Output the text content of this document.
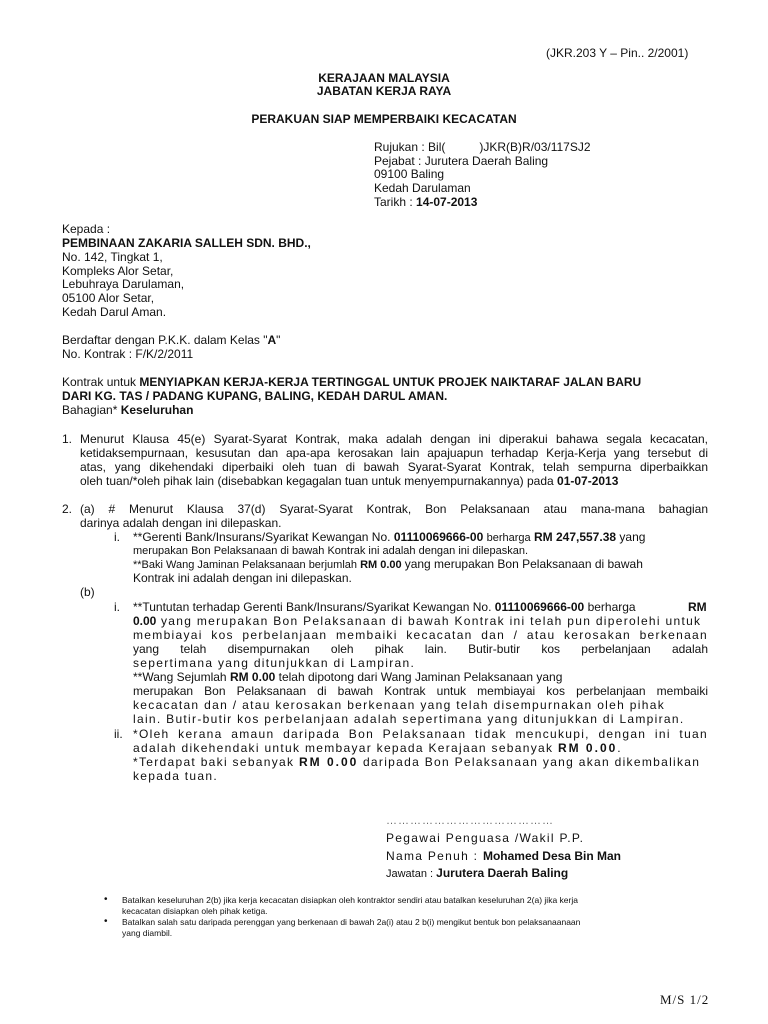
(JKR.203 Y – Pin.. 2/2001)
KERAJAAN MALAYSIA
JABATAN KERJA RAYA
PERAKUAN SIAP MEMPERBAIKI KECACATAN
Rujukan : Bil(	)JKR(B)R/03/117SJ2
Pejabat : Jurutera Daerah Baling
09100 Baling
Kedah Darulaman
Tarikh : 14-07-2013
Kepada :
PEMBINAAN ZAKARIA SALLEH SDN. BHD.,
No. 142, Tingkat 1,
Kompleks Alor Setar,
Lebuhraya Darulaman,
05100 Alor Setar,
Kedah Darul Aman.
Berdaftar dengan P.K.K. dalam Kelas "A"
No. Kontrak : F/K/2/2011
Kontrak untuk MENYIAPKAN KERJA-KERJA TERTINGGAL UNTUK PROJEK NAIKTARAF JALAN BARU
DARI KG. TAS / PADANG KUPANG, BALING, KEDAH DARUL AMAN.
Bahagian* Keseluruhan
1. Menurut Klausa 45(e) Syarat-Syarat Kontrak, maka adalah dengan ini diperakui bahawa segala kecacatan,
ketidaksempurnaan, kesusutan dan apa-apa kerosakan lain apajuapun terhadap Kerja-Kerja yang tersebut di
atas, yang dikehendaki diperbaiki oleh tuan di bawah Syarat-Syarat Kontrak, telah sempurna diperbaikkan
oleh tuan/*oleh pihak lain (disebabkan kegagalan tuan untuk menyempurnakannya) pada 01-07-2013
2. (a) # Menurut Klausa 37(d) Syarat-Syarat Kontrak, Bon Pelaksanaan atau mana-mana bahagian
darinya adalah dengan ini dilepaskan.
i. **Gerenti Bank/Insurans/Syarikat Kewangan No. 01110069666-00 berharga RM 247,557.38 yang
merupakan Bon Pelaksanaan di bawah Kontrak ini adalah dengan ini dilepaskan.
**Baki Wang Jaminan Pelaksanaan berjumlah RM 0.00 yang merupakan Bon Pelaksanaan di bawah
Kontrak ini adalah dengan ini dilepaskan.
(b)
i. **Tuntutan terhadap Gerenti Bank/Insurans/Syarikat Kewangan No. 01110069666-00 berharga	RM
0.00 yang merupakan Bon Pelaksanaan di bawah Kontrak ini telah pun diperolehi untuk
membiayai kos perbelanjaan membaiki kecacatan dan / atau kerosakan berkenaan
yang telah disempurnakan oleh pihak lain. Butir-butir kos perbelanjaan adalah
sepertimana yang ditunjukkan di Lampiran.
**Wang Sejumlah RM 0.00 telah dipotong dari Wang Jaminan Pelaksanaan yang
merupakan Bon Pelaksanaan di bawah Kontrak untuk membiayai kos perbelanjaan membaiki
kecacatan dan / atau kerosakan berkenaan yang telah disempurnakan oleh pihak
lain. Butir-butir kos perbelanjaan adalah sepertimana yang ditunjukkan di Lampiran.
ii. *Oleh kerana amaun daripada Bon Pelaksanaan tidak mencukupi, dengan ini tuan
adalah dikehendaki untuk membayar kepada Kerajaan sebanyak RM 0.00.
*Terdapat baki sebanyak RM 0.00 daripada Bon Pelaksanaan yang akan dikembalikan
kepada tuan.
……………………………………
Pegawai Penguasa /Wakil P.P.
Nama Penuh : Mohamed Desa Bin Man
Jawatan : Jurutera Daerah Baling
• Batalkan keseluruhan 2(b) jika kerja kecacatan disiapkan oleh kontraktor sendiri atau batalkan keseluruhan 2(a) jika kerja
kecacatan disiapkan oleh pihak ketiga.
• Batalkan salah satu daripada perenggan yang berkenaan di bawah 2a(i) atau 2 b(i) mengikut bentuk bon pelaksanaanaan
yang diambil.
M/S 1/2
